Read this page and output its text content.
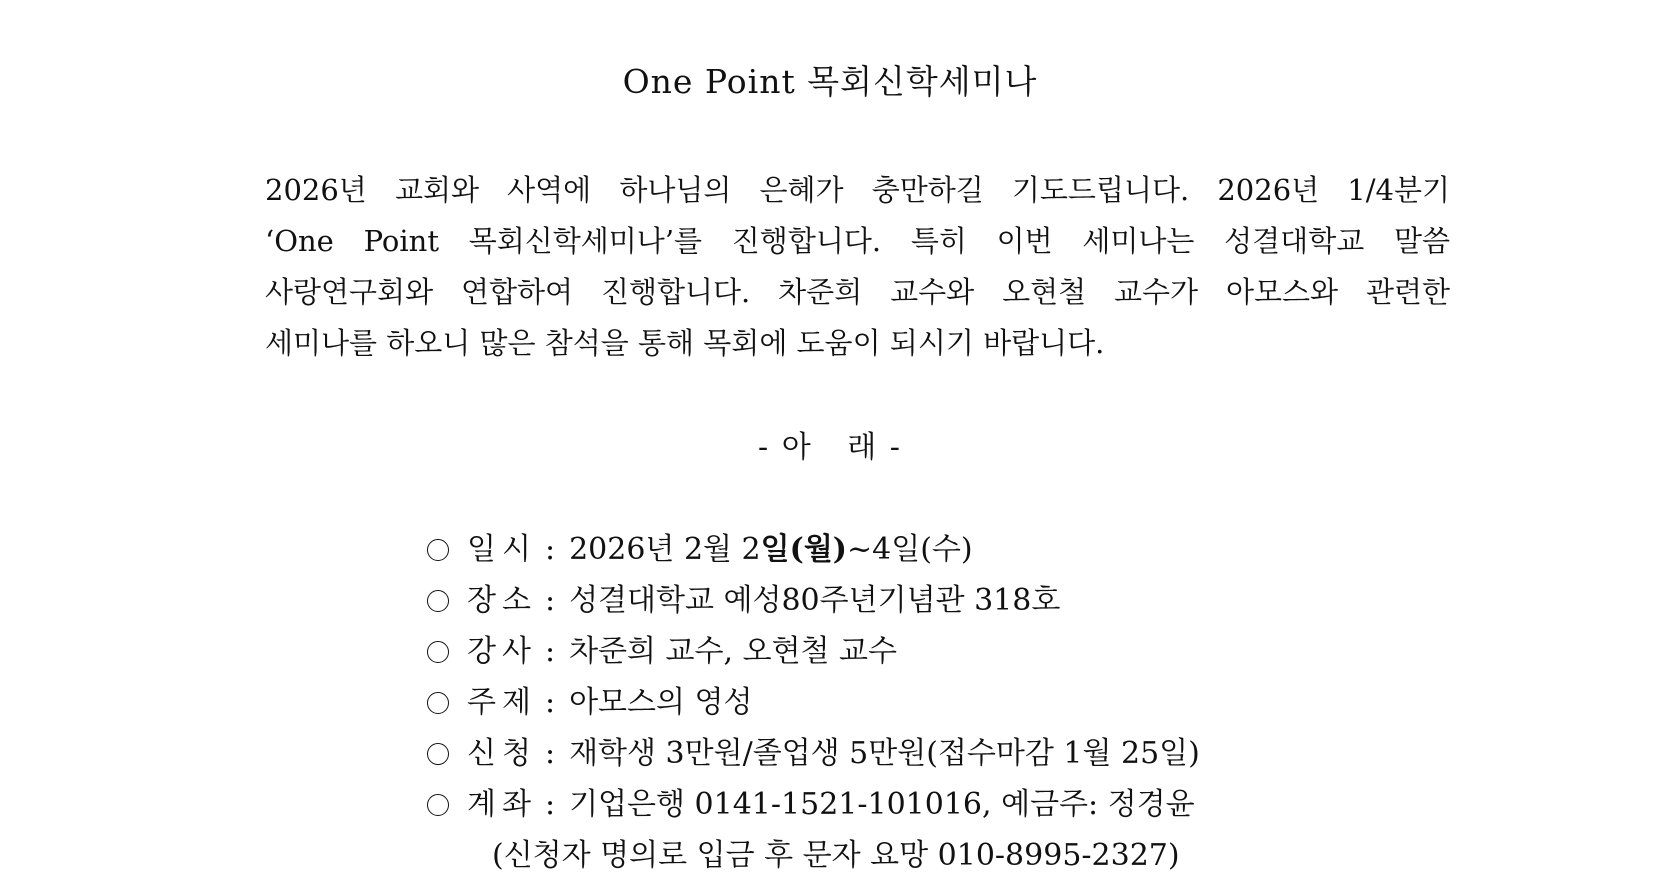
One Point 목회신학세미나
2026년 교회와 사역에 하나님의 은혜가 충만하길 기도드립니다. 2026년 1/4분기
‘One Point 목회신학세미나’를 진행합니다. 특히 이번 세미나는 성결대학교 말씀
사랑연구회와 연합하여 진행합니다. 차준희 교수와 오현철 교수가 아모스와 관련한
세미나를 하오니 많은 참석을 통해 목회에 도움이 되시기 바랍니다.
- 아   래 -
일시 : 2026년 2월 2일(월)~4일(수)
장소 : 성결대학교 예성80주년기념관 318호
강사 : 차준희 교수, 오현철 교수
주제 : 아모스의 영성
신청 : 재학생 3만원/졸업생 5만원(접수마감 1월 25일)
계좌 : 기업은행 0141-1521-101016, 예금주: 정경윤
(신청자 명의로 입금 후 문자 요망 010-8995-2327)
